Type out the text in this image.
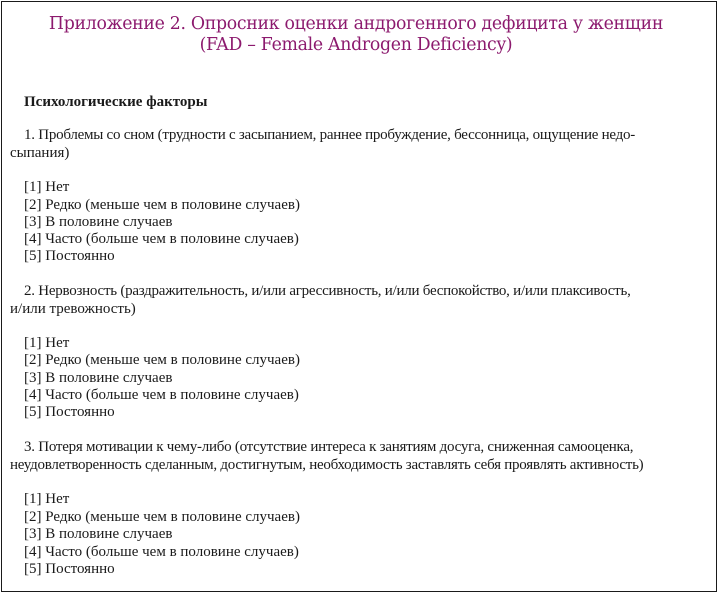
Приложение 2. Опросник оценки андрогенного дефицита у женщин
(FAD – Female Androgen Deficiency)
Психологические факторы
1. Проблемы со сном (трудности с засыпанием, раннее пробуждение, бессонница, ощущение недо-
сыпания)
[1] Нет
[2] Редко (меньше чем в половине случаев)
[3] В половине случаев
[4] Часто (больше чем в половине случаев)
[5] Постоянно
2. Нервозность (раздражительность, и/или агрессивность, и/или беспокойство, и/или плаксивость,
и/или тревожность)
[1] Нет
[2] Редко (меньше чем в половине случаев)
[3] В половине случаев
[4] Часто (больше чем в половине случаев)
[5] Постоянно
3. Потеря мотивации к чему-либо (отсутствие интереса к занятиям досуга, сниженная самооценка,
неудовлетворенность сделанным, достигнутым, необходимость заставлять себя проявлять активность)
[1] Нет
[2] Редко (меньше чем в половине случаев)
[3] В половине случаев
[4] Часто (больше чем в половине случаев)
[5] Постоянно
